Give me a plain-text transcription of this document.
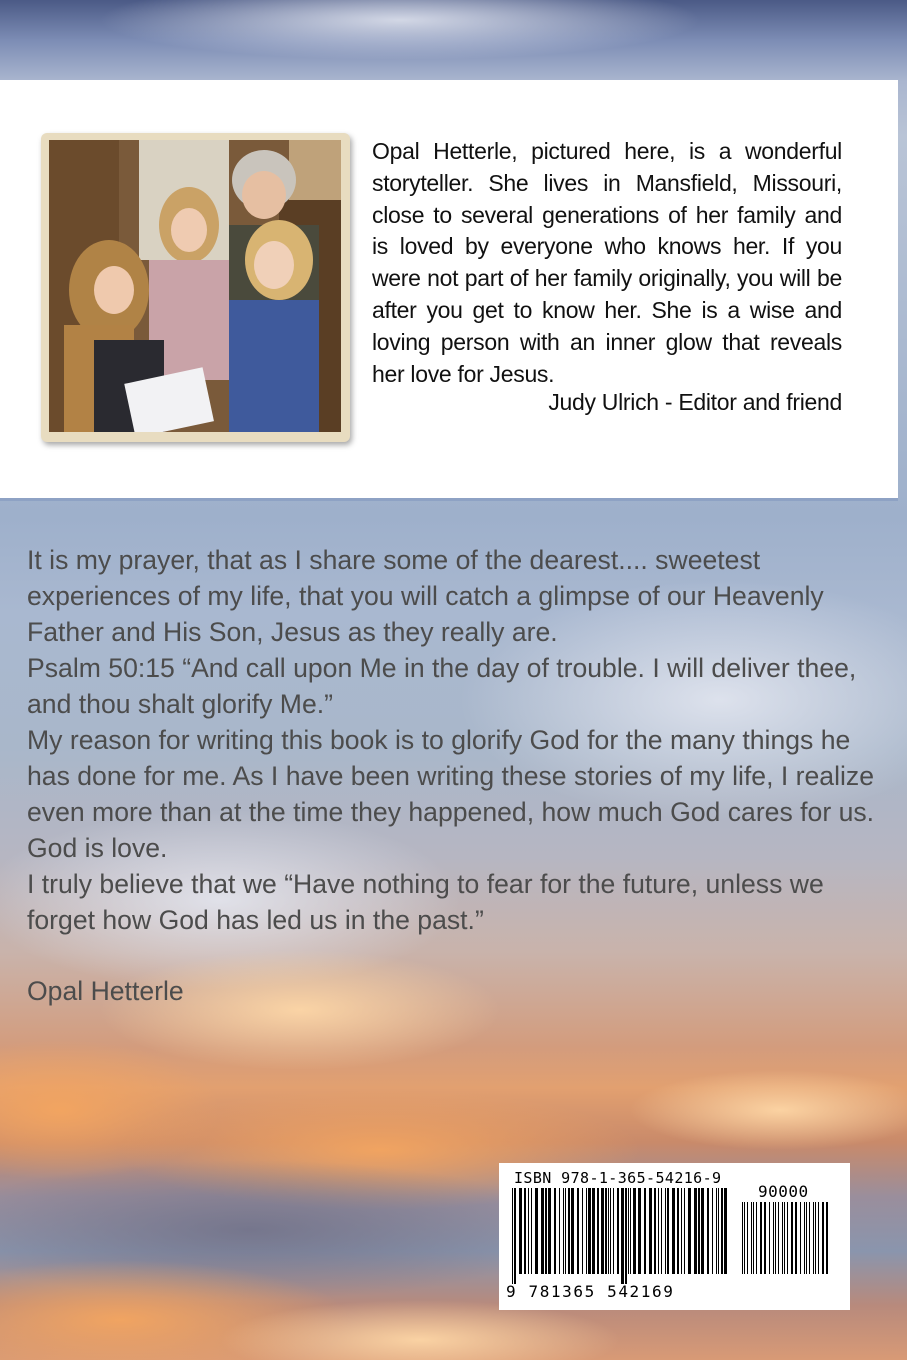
Opal Hetterle, pictured here, is a wonderful storyteller. She lives in Mansfield, Missouri, close to several generations of her family and is loved by everyone who knows her. If you were not part of her family originally, you will be after you get to know her. She is a wise and loving person with an inner glow that reveals her love for Jesus.
Judy Ulrich - Editor and friend

It is my prayer, that as I share some of the dearest.... sweetest experiences of my life, that you will catch a glimpse of our Heavenly Father and His Son, Jesus as they really are.

Psalm 50:15 “And call upon Me in the day of trouble. I will deliver thee, and thou shalt glorify Me.”

My reason for writing this book is to glorify God for the many things he has done for me. As I have been writing these stories of my life, I realize even more than at the time they happened, how much God cares for us. God is love.

I truly believe that we “Have nothing to fear for the future, unless we forget how God has led us in the past.”

Opal Hetterle
ISBN 978-1-365-54216-9
90000
9 781365 542169
